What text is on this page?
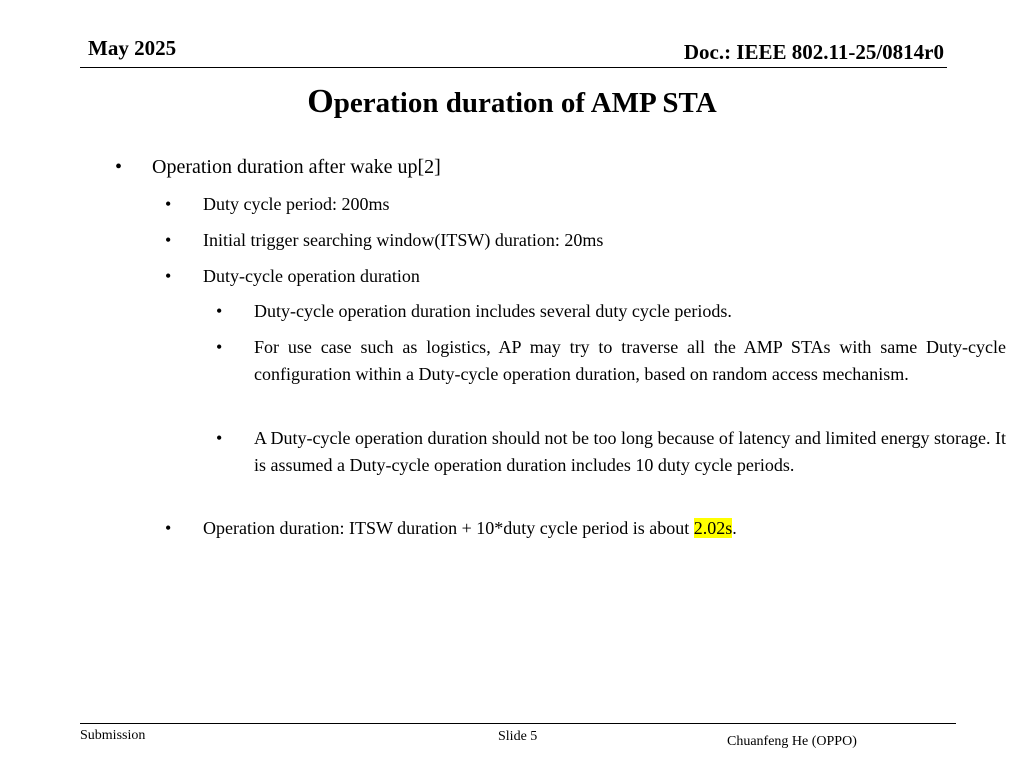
May 2025	Doc.: IEEE 802.11-25/0814r0
Operation duration of AMP STA
• Operation duration after wake up[2]
• Duty cycle period: 200ms
• Initial trigger searching window(ITSW) duration: 20ms
• Duty-cycle operation duration
• Duty-cycle operation duration includes several duty cycle periods.
• For use case such as logistics, AP may try to traverse all the AMP STAs with same Duty-cycle configuration within a Duty-cycle operation duration, based on random access mechanism.
• A Duty-cycle operation duration should not be too long because of latency and limited energy storage. It is assumed a Duty-cycle operation duration includes 10 duty cycle periods.
• Operation duration: ITSW duration + 10*duty cycle period is about 2.02s.
Submission	Slide 5	Chuanfeng He (OPPO)
